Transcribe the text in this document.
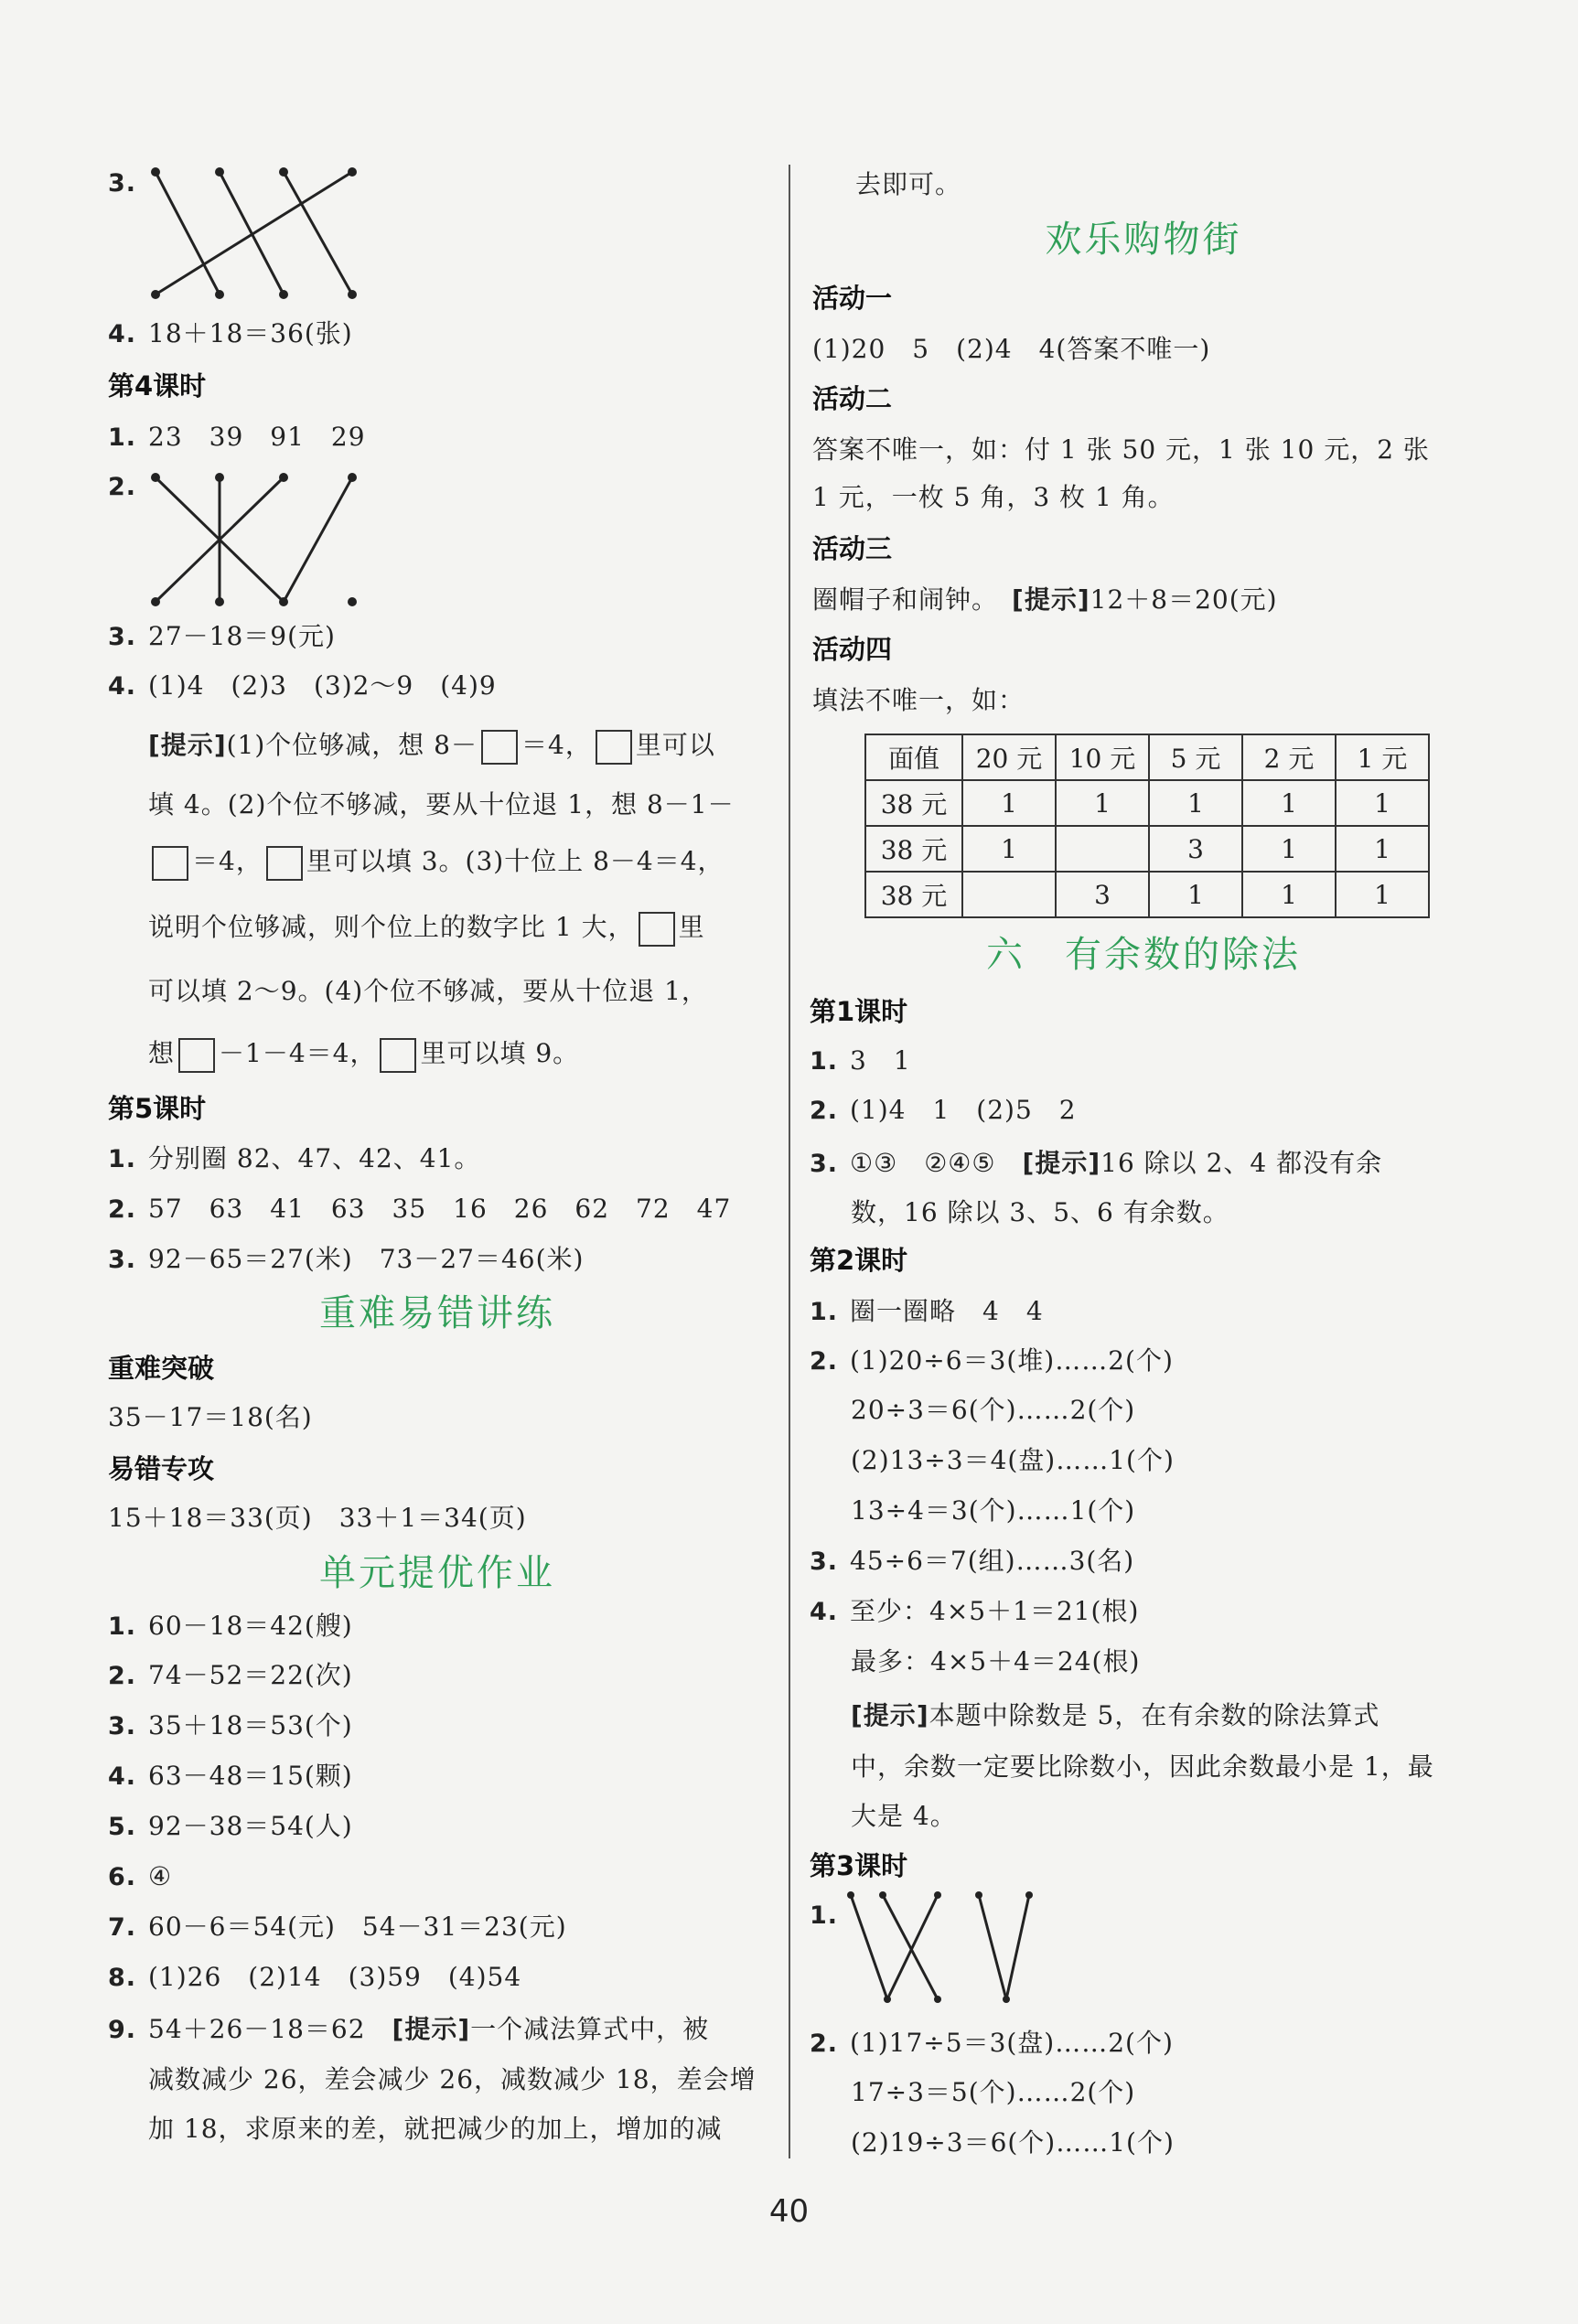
3.
4. 18＋18＝36(张)
第4课时
1. 23　39　91　29
2.
3. 27－18＝9(元)
4. (1)4　(2)3　(3)2～9　(4)9
[提示](1)个位够减，想 8－ ＝4， 里可以
填 4。(2)个位不够减，要从十位退 1，想 8－1－
＝4， 里可以填 3。(3)十位上 8－4＝4，
说明个位够减，则个位上的数字比 1 大， 里
可以填 2～9。(4)个位不够减，要从十位退 1，
想 －1－4＝4， 里可以填 9。
第5课时
1. 分别圈 82、47、42、41。
2. 57　63　41　63　35　16　26　62　72　47
3. 92－65＝27(米)　73－27＝46(米)
重难易错讲练
重难突破
35－17＝18(名)
易错专攻
15＋18＝33(页)　33＋1＝34(页)
单元提优作业
1. 60－18＝42(艘)
2. 74－52＝22(次)
3. 35＋18＝53(个)
4. 63－48＝15(颗)
5. 92－38＝54(人)
6. ④
7. 60－6＝54(元)　54－31＝23(元)
8. (1)26　(2)14　(3)59　(4)54
9. 54＋26－18＝62　 [提示]一个减法算式中，被
减数减少 26，差会减少 26，减数减少 18，差会增
加 18，求原来的差，就把减少的加上，增加的减
去即可。
欢乐购物街
活动一
(1)20　5　(2)4　4(答案不唯一)
活动二
答案不唯一，如：付 1 张 50 元，1 张 10 元，2 张
1 元，一枚 5 角，3 枚 1 角。
活动三
圈帽子和闹钟。　 [提示]12＋8＝20(元)
活动四
填法不唯一，如：
面值	20 元	10 元	5 元	2 元	1 元
38 元	1	1	1	1	1
38 元	1		3	1	1
38 元		3	1	1	1
六　有余数的除法
第1课时
1. 3　1
2. (1)4　1　(2)5　2
3. ①③　②④⑤　 [提示]16 除以 2、4 都没有余
数，16 除以 3、5、6 有余数。
第2课时
1. 圈一圈略　4　4
2. (1)20÷6＝3(堆)……2(个)
20÷3＝6(个)……2(个)
(2)13÷3＝4(盘)……1(个)
13÷4＝3(个)……1(个)
3. 45÷6＝7(组)……3(名)
4. 至少：4×5＋1＝21(根)
最多：4×5＋4＝24(根)
[提示]本题中除数是 5，在有余数的除法算式
中，余数一定要比除数小，因此余数最小是 1，最
大是 4。
第3课时
1.
2. (1)17÷5＝3(盘)……2(个)
17÷3＝5(个)……2(个)
(2)19÷3＝6(个)……1(个)
40
